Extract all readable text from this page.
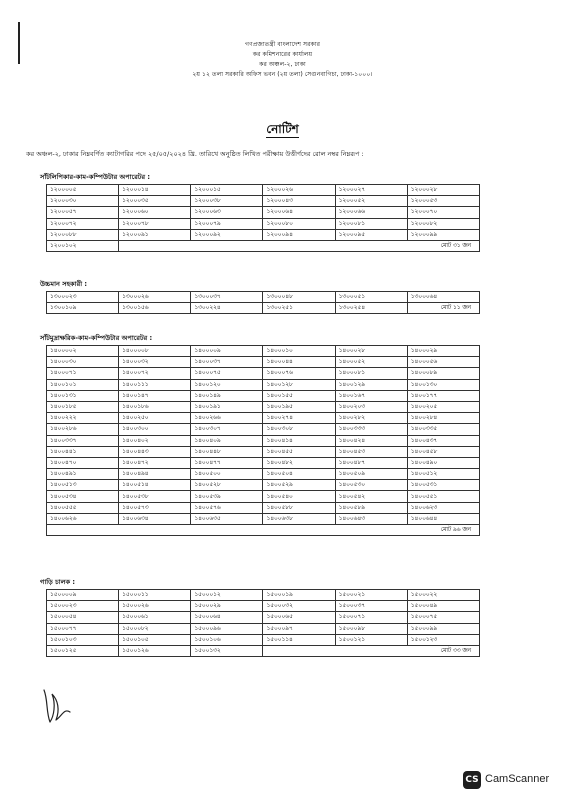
গণপ্রজাতন্ত্রী বাংলাদেশ সরকার
কর কমিশনারের কার্যালয়
কর অঞ্চল-২, ঢাকা
২য় ১২ তলা সরকারি অফিস ভবন (২য় তলা) সেগুনবাগিচা, ঢাকা-১০০০।
নোটিশ
কর অঞ্চল-২, ঢাকার নিম্নবর্ণিত ক্যাটাগরির পদে ২৫/০৫/২০২৪ খ্রি. তারিখে অনুষ্ঠিত লিখিত পরীক্ষায় উত্তীর্ণদের রোল নম্বর নিম্নরূপ :
সাঁটলিপিকার-কাম-কম্পিউটার অপারেটর :
১২০০০০৫	১২০০০১৪	১২০০০১৫	১২০০০২৬	১২০০০২৭	১২০০০২৮
১২০০০৩০	১২০০০৩৫	১২০০০৩৮	১২০০০৪৩	১২০০০৫২	১২০০০৫৩
১২০০০৫৭	১২০০০৬০	১২০০০৬৩	১২০০০৬৪	১২০০০৬৬	১২০০০৭০
১২০০০৭২	১২০০০৭৮	১২০০০৭৯	১২০০০৮০	১২০০০৮১	১২০০০৮২
১২০০০৮৮	১২০০০৯১	১২০০০৯২	১২০০০৯৪	১২০০০৯৫	১২০০০৯৯
১২০০১০২	মোট ৩১ জন				
উচ্চমান সহকারী :
১৩০০০২৩	১৩০০০২৬	১৩০০০৩৭	১৩০০০৪৮	১৩০০০৫১	১৩০০০৬৪
১৩০০১০৯	১৩০০১৫৬	১৩০০২২৪	১৩০০২৫১	১৩০০২৫৪	মোট ১১ জন
সাঁটমুদ্রাক্ষরিক-কাম-কম্পিউটার অপারেটর :
১৪০০০০২	১৪০০০০৮	১৪০০০০৯	১৪০০০১০	১৪০০০২৮	১৪০০০২৯
১৪০০০৩০	১৪০০০৩২	১৪০০০৩৭	১৪০০০৪৪	১৪০০০৫২	১৪০০০৫৬
১৪০০০৭১	১৪০০০৭২	১৪০০০৭৫	১৪০০০৭৬	১৪০০০৮১	১৪০০০৮৯
১৪০০১০১	১৪০০১১১	১৪০০১২০	১৪০০১২৮	১৪০০১২৯	১৪০০১৩০
১৪০০১৩১	১৪০০১৪৭	১৪০০১৪৯	১৪০০১৫৫	১৪০০১৬৭	১৪০০১৭৭
১৪০০১৮৫	১৪০০১৮৬	১৪০০১৯১	১৪০০১৯৫	১৪০০২০৩	১৪০০২০৫
১৪০০২২২	১৪০০২৫০	১৪০০২৬৬	১৪০০২৭৪	১৪০০২৮২	১৪০০২৮৪
১৪০০২৮৬	১৪০০৩০০	১৪০০৩০৭	১৪০০৩০৮	১৪০০৩৩৩	১৪০০৩৩৫
১৪০০৩৩৭	১৪০০৪০২	১৪০০৪০৯	১৪০০৪১৪	১৪০০৪২৪	১৪০০৪৩৭
১৪০০৪৪১	১৪০০৪৪৩	১৪০০৪৪৮	১৪০০৪৫৫	১৪০০৪৫৩	১৪০০৪৫৮
১৪০০৪৭০	১৪০০৪৭২	১৪০০৪৭৭	১৪০০৪৮২	১৪০০৪৮৭	১৪০০৪৯০
১৪০০৪৯১	১৪০০৪৯৪	১৪০০৫০০	১৪০০৫০৪	১৪০০৫০৯	১৪০০৫১২
১৪০০৫১৩	১৪০০৫১৪	১৪০০৫২৮	১৪০০৫২৯	১৪০০৫৩০	১৪০০৫৩১
১৪০০৫৩৪	১৪০০৫৩৮	১৪০০৫৩৯	১৪০০৫৪০	১৪০০৫৪২	১৪০০৫৫১
১৪০০৫৫৫	১৪০০৫৭৩	১৪০০৫৭৬	১৪০০৫৮৮	১৪০০৫৮৯	১৪০০৬২৩
১৪০০৬২৬	১৪০০৬৩৪	১৪০০৬৩৫	১৪০০৬৩৮	১৪০০৬৪৩	১৪০০৬৪৪
মোট ৯৬ জন					
গাড়ি চালক :
১৫০০০০৯	১৫০০০১১	১৫০০০১২	১৫০০০১৯	১৫০০০২১	১৫০০০২২
১৫০০০২৩	১৫০০০২৬	১৫০০০২৯	১৫০০০৩২	১৫০০০৩৭	১৫০০০৪৯
১৫০০০৫৪	১৫০০০৬১	১৫০০০৬৪	১৫০০০৬৫	১৫০০০৭১	১৫০০০৭৫
১৫০০০৭৭	১৫০০০৮২	১৫০০০৯৬	১৫০০০৯৭	১৫০০০৯৮	১৫০০০৯৯
১৫০০১০৩	১৫০০১০৫	১৫০০১০৬	১৫০০১১৪	১৫০০১২১	১৫০০১২৩
১৫০০১২৫	১৫০০১২৬	১৫০০১৩২	মোট ৩৩ জন		
CS CamScanner
